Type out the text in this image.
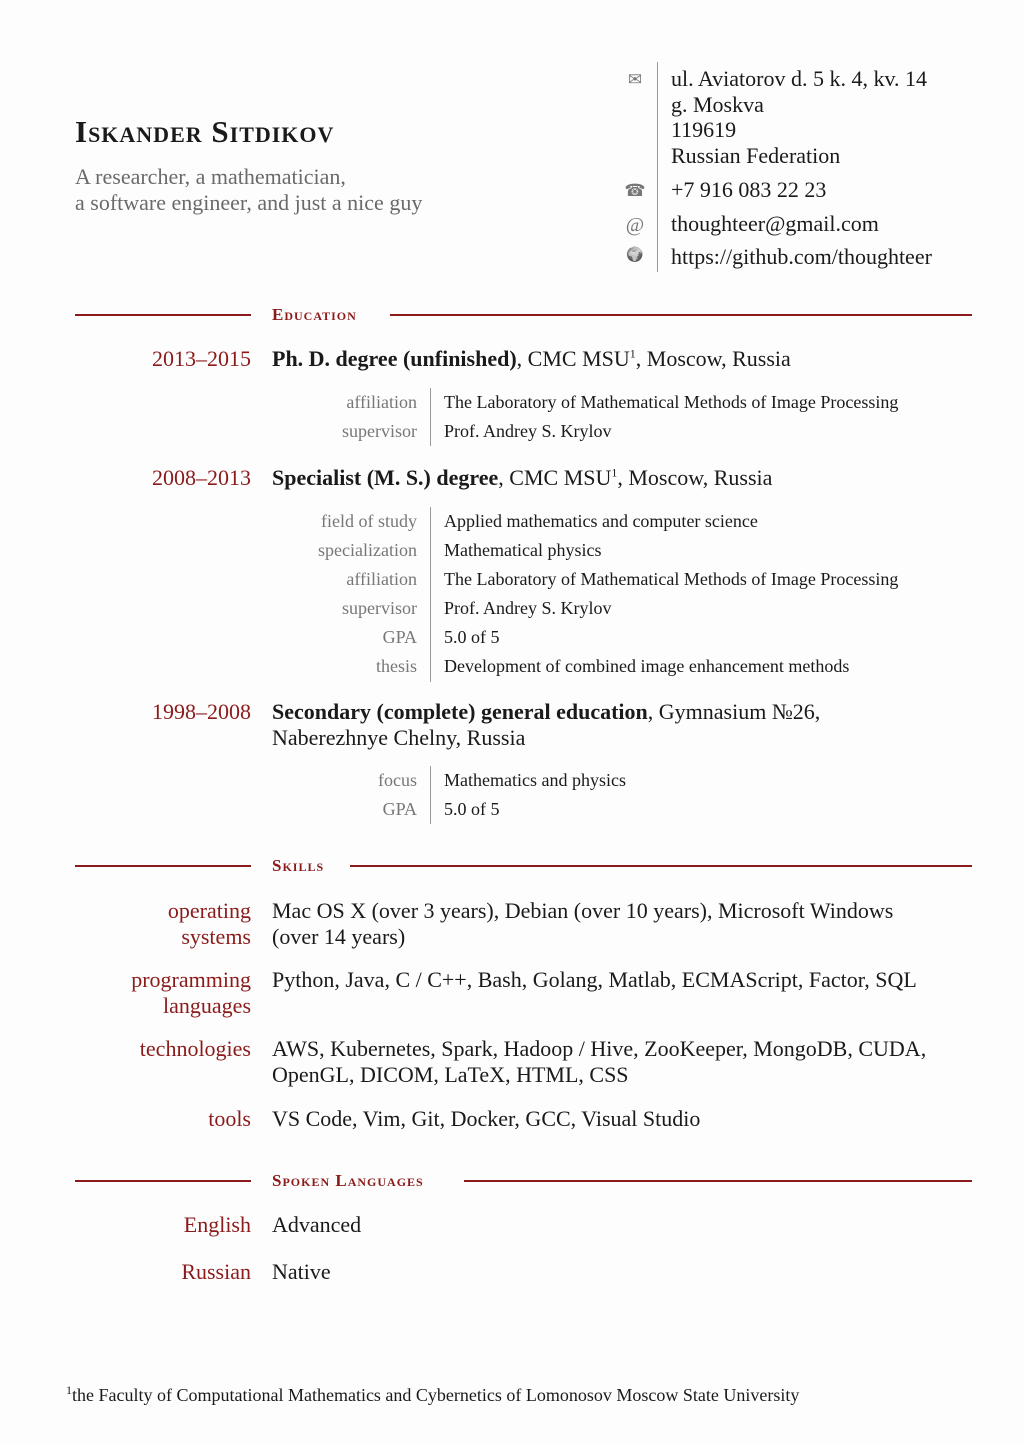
Iskander Sitdikov
A researcher, a mathematician,
a software engineer, and just a nice guy
✉ ul. Aviatorov d. 5 k. 4, kv. 14
g. Moskva
119619
Russian Federation
☎ +7 916 083 22 23
@ thoughteer@gmail.com
🌍 https://github.com/thoughteer
Education
2013–2015 Ph. D. degree (unfinished), CMC MSU$^1$, Moscow, Russia
affiliation The Laboratory of Mathematical Methods of Image Processing
supervisor Prof. Andrey S. Krylov
2008–2013 Specialist (M. S.) degree, CMC MSU$^1$, Moscow, Russia
field of study Applied mathematics and computer science
specialization Mathematical physics
affiliation The Laboratory of Mathematical Methods of Image Processing
supervisor Prof. Andrey S. Krylov
GPA 5.0 of 5
thesis Development of combined image enhancement methods
1998–2008 Secondary (complete) general education, Gymnasium №26,
Naberezhnye Chelny, Russia
focus Mathematics and physics
GPA 5.0 of 5
Skills
operating
systems
Mac OS X (over 3 years), Debian (over 10 years), Microsoft Windows
(over 14 years)
programming
languages
Python, Java, C / C++, Bash, Golang, Matlab, ECMAScript, Factor, SQL
technologies AWS, Kubernetes, Spark, Hadoop / Hive, ZooKeeper, MongoDB, CUDA,
OpenGL, DICOM, LaTeX, HTML, CSS
tools VS Code, Vim, Git, Docker, GCC, Visual Studio
Spoken Languages
English Advanced
Russian Native
$^1$the Faculty of Computational Mathematics and Cybernetics of Lomonosov Moscow State University
